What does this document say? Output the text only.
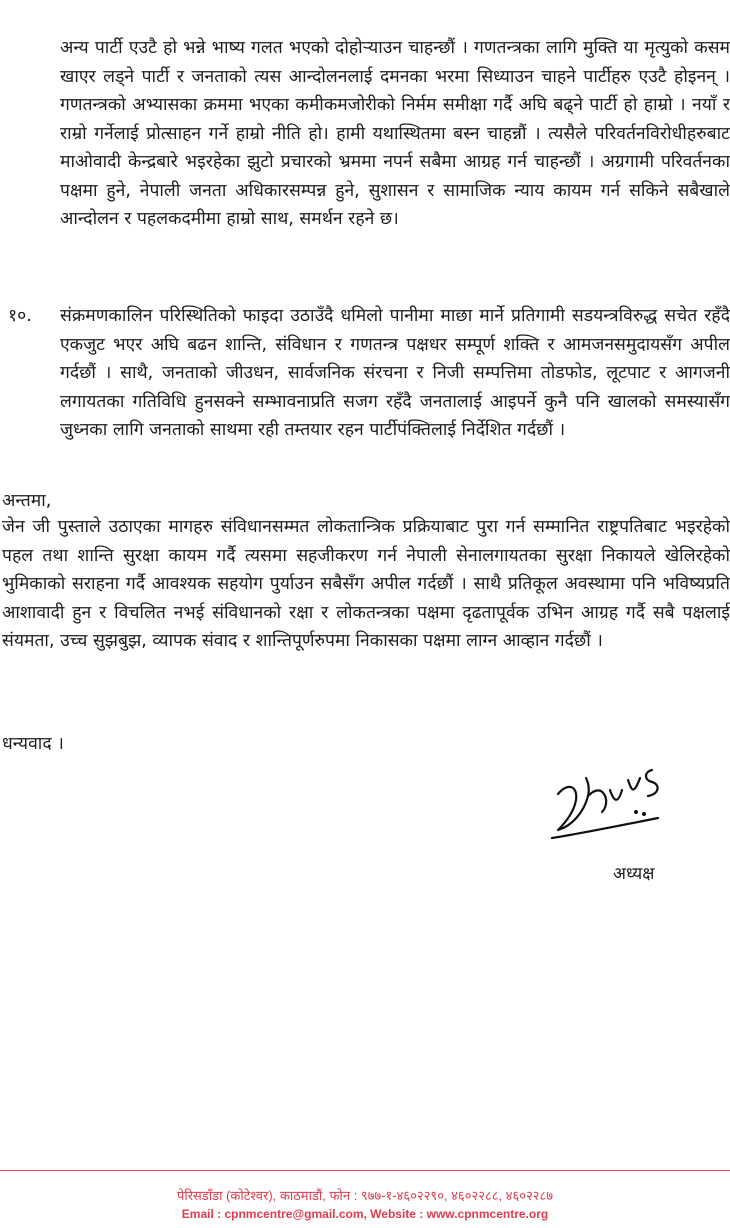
अन्य पार्टी एउटै हो भन्ने भाष्य गलत भएको दोहोर्‍याउन चाहन्छौं । गणतन्त्रका लागि मुक्ति या मृत्युको कसम खाएर लड्ने पार्टी र जनताको त्यस आन्दोलनलाई दमनका भरमा सिध्याउन चाहने पार्टीहरु एउटै होइनन् । गणतन्त्रको अभ्यासका क्रममा भएका कमीकमजोरीको निर्मम समीक्षा गर्दै अघि बढ्ने पार्टी हो हाम्रो । नयाँ र राम्रो गर्नेलाई प्रोत्साहन गर्ने हाम्रो नीति हो। हामी यथास्थितमा बस्न चाहन्नौं । त्यसैले परिवर्तनविरोधीहरुबाट माओवादी केन्द्रबारे भइरहेका झुटो प्रचारको भ्रममा नपर्न सबैमा आग्रह गर्न चाहन्छौं । अग्रगामी परिवर्तनका पक्षमा हुने, नेपाली जनता अधिकारसम्पन्न हुने, सुशासन र सामाजिक न्याय कायम गर्न सकिने सबैखाले आन्दोलन र पहलकदमीमा हाम्रो साथ, समर्थन रहने छ।

१०. संक्रमणकालिन परिस्थितिको फाइदा उठाउँदै धमिलो पानीमा माछा मार्ने प्रतिगामी सडयन्त्रविरुद्ध सचेत रहँदै एकजुट भएर अघि बढन शान्ति, संविधान र गणतन्त्र पक्षधर सम्पूर्ण शक्ति र आमजनसमुदायसँग अपील गर्दछौं । साथै, जनताको जीउधन, सार्वजनिक संरचना र निजी सम्पत्तिमा तोडफोड, लूटपाट र आगजनी लगायतका गतिविधि हुनसक्ने सम्भावनाप्रति सजग रहँदै जनतालाई आइपर्ने कुनै पनि खालको समस्यासँग जुध्नका लागि जनताको साथमा रही तम्तयार रहन पार्टीपंक्तिलाई निर्देशित गर्दछौं ।

अन्तमा,

जेन जी पुस्ताले उठाएका मागहरु संविधानसम्मत लोकतान्त्रिक प्रक्रियाबाट पुरा गर्न सम्मानित राष्ट्रपतिबाट भइरहेको पहल तथा शान्ति सुरक्षा कायम गर्दै त्यसमा सहजीकरण गर्न नेपाली सेनालगायतका सुरक्षा निकायले खेलिरहेको भुमिकाको सराहना गर्दै आवश्यक सहयोग पुर्याउन सबैसँग अपील गर्दछौं । साथै प्रतिकूल अवस्थामा पनि भविष्यप्रति आशावादी हुन र विचलित नभई संविधानको रक्षा र लोकतन्त्रका पक्षमा दृढतापूर्वक उभिन आग्रह गर्दै सबै पक्षलाई संयमता, उच्च सुझबुझ, व्यापक संवाद र शान्तिपूर्णरुपमा निकासका पक्षमा लाग्न आव्हान गर्दछौं ।

धन्यवाद ।
अध्यक्ष
पेरिसडाँडा (कोटेश्वर), काठमाडौं, फोन : ९७७-१-४६०२२९०, ४६०२२८८, ४६०२२८७
Email : cpnmcentre@gmail.com, Website : www.cpnmcentre.org
